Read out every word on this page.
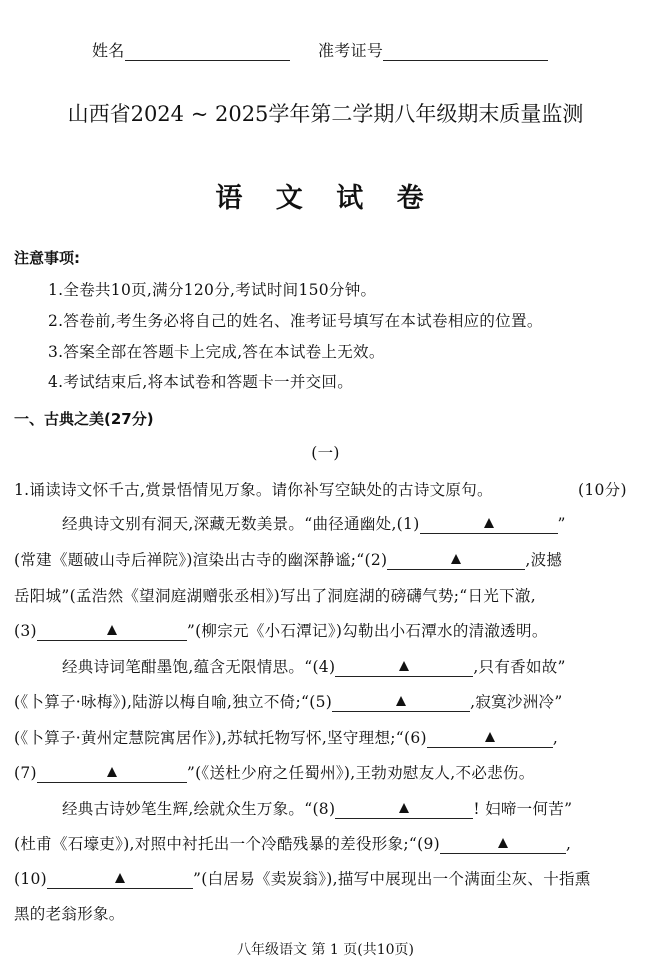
姓名	准考证号
山西省2024 ~ 2025学年第二学期八年级期末质量监测
语 文 试 卷
注意事项:
1.全卷共10页,满分120分,考试时间150分钟。
2.答卷前,考生务必将自己的姓名、准考证号填写在本试卷相应的位置。
3.答案全部在答题卡上完成,答在本试卷上无效。
4.考试结束后,将本试卷和答题卡一并交回。
一、古典之美(27分)
(一)
1.诵读诗文怀千古,赏景悟情见万象。请你补写空缺处的古诗文原句。	(10分)
经典诗文别有洞天,深藏无数美景。“曲径通幽处,(1)	”
(常建《题破山寺后禅院》)渲染出古寺的幽深静谧;“(2)	,波撼
岳阳城”(孟浩然《望洞庭湖赠张丞相》)写出了洞庭湖的磅礴气势;“日光下澈,
(3)	”(柳宗元《小石潭记》)勾勒出小石潭水的清澈透明。
经典诗词笔酣墨饱,蕴含无限情思。“(4)	,只有香如故”
(《卜算子·咏梅》),陆游以梅自喻,独立不倚;“(5)	,寂寞沙洲冷”
(《卜算子·黄州定慧院寓居作》),苏轼托物写怀,坚守理想;“(6)	,
(7)	”(《送杜少府之任蜀州》),王勃劝慰友人,不必悲伤。
经典古诗妙笔生辉,绘就众生万象。“(8)	! 妇啼一何苦”
(杜甫《石壕吏》),对照中衬托出一个冷酷残暴的差役形象;“(9)	,
(10)	”(白居易《卖炭翁》),描写中展现出一个满面尘灰、十指熏
黑的老翁形象。
八年级语文 第 1 页(共10页)
